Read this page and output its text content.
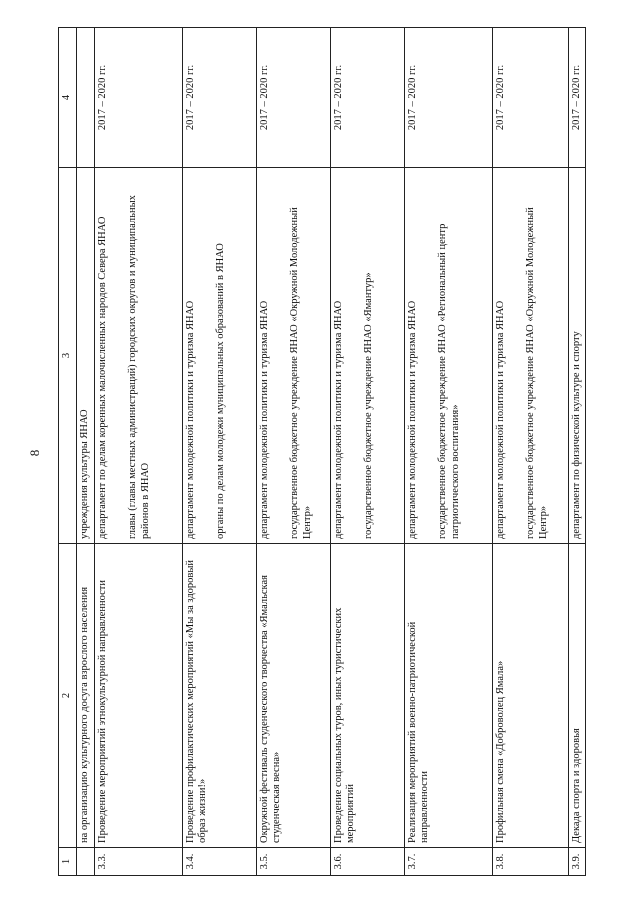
8
1	2	3	4
	на организацию культурного досуга взрослого населения	учреждения культуры ЯНАО	

3.3.	Проведение мероприятий этнокультурной направленности	департамент по делам коренных малочисленных народов Севера ЯНАО главы (главы местных администраций) городских округов и муниципальных районов в ЯНАО	2017 – 2020 гг.
3.4.	Проведение профилактических мероприятий «Мы за здоровый образ жизни!»	департамент молодежной политики и туризма ЯНАО органы по делам молодежи муниципальных образований в ЯНАО	2017 – 2020 гг.
3.5.	Окружной фестиваль студенческого творчества «Ямальская студенческая весна»	департамент молодежной политики и туризма ЯНАО государственное бюджетное учреждение ЯНАО «Окружной Молодежный Центр»	2017 – 2020 гг.
3.6.	Проведение социальных туров, иных туристических мероприятий	департамент молодежной политики и туризма ЯНАО государственное бюджетное учреждение ЯНАО «Ямантур»	2017 – 2020 гг.
3.7.	Реализация мероприятий военно-патриотической направленности	департамент молодежной политики и туризма ЯНАО государственное бюджетное учреждение ЯНАО «Региональный центр патриотического воспитания»	2017 – 2020 гг.
3.8.	Профильная смена «Доброволец Ямала»	департамент молодежной политики и туризма ЯНАО государственное бюджетное учреждение ЯНАО «Окружной Молодежный Центр»	2017 – 2020 гг.
3.9.	Декада спорта и здоровья	департамент по физической культуре и спорту	2017 – 2020 гг.
